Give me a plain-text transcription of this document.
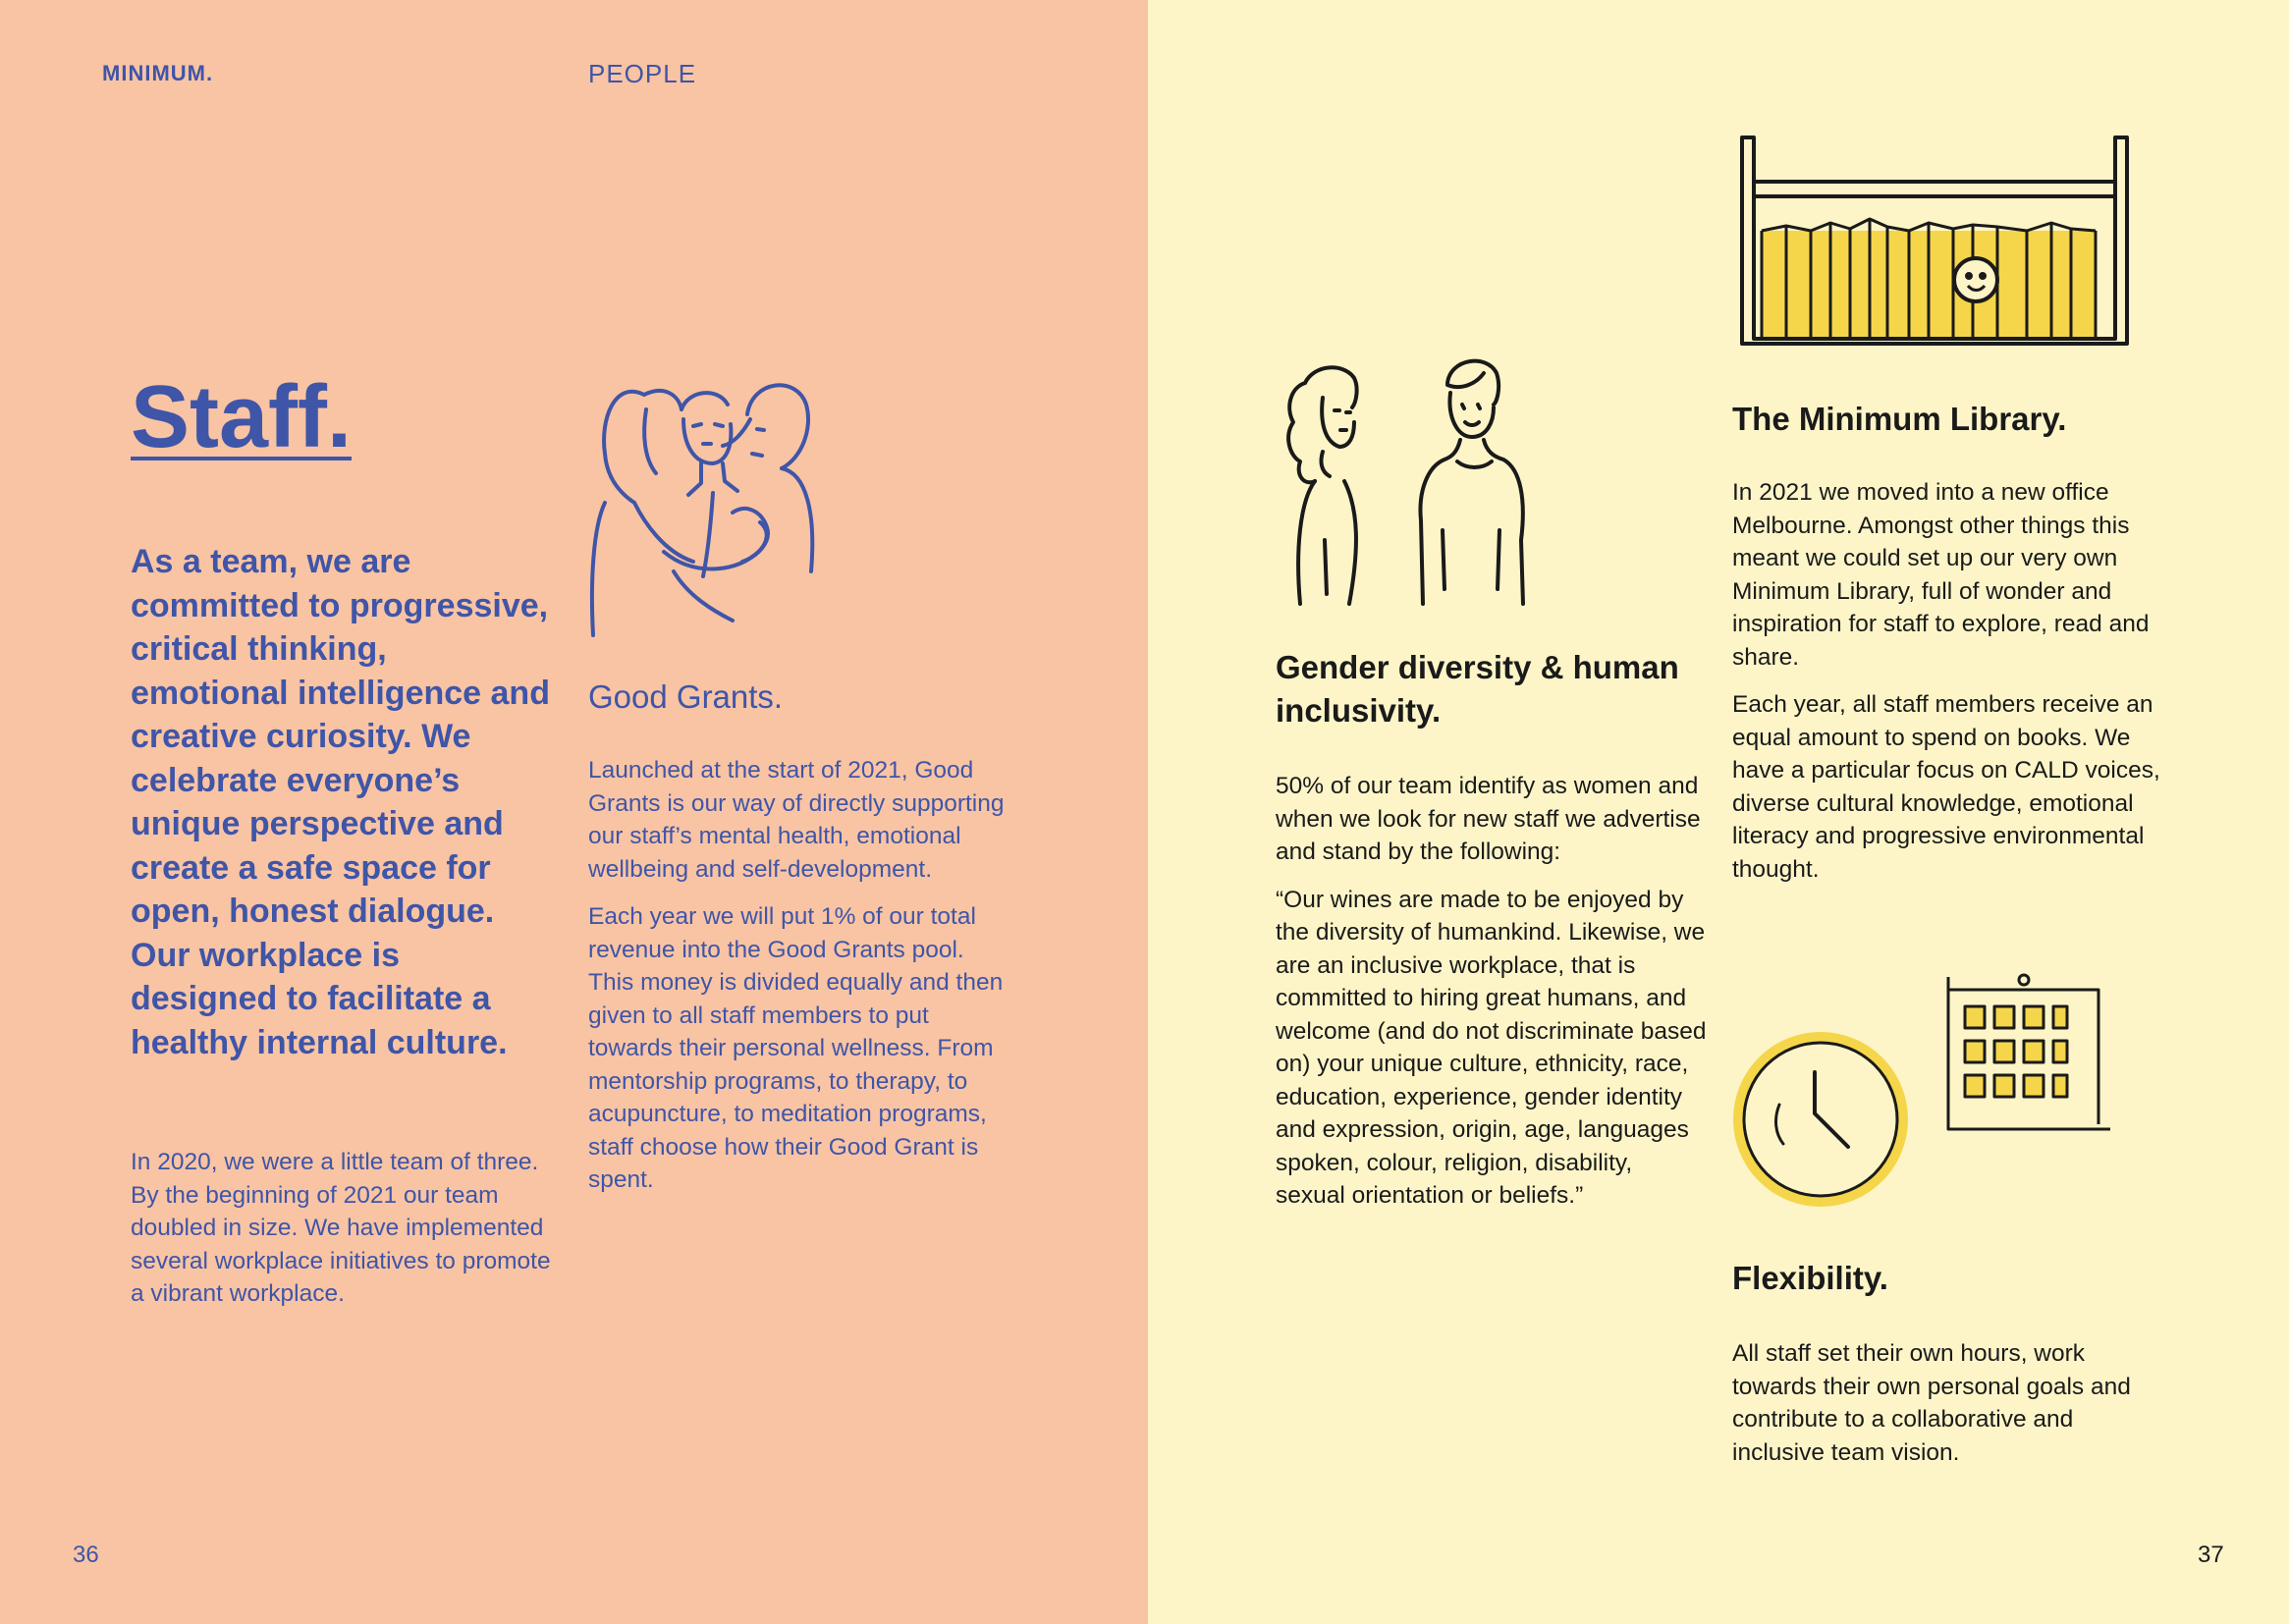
MINIMUM.	PEOPLE
Staff.

As a team, we are committed to progressive, critical thinking, emotional intelligence and creative curiosity. We celebrate everyone’s unique perspective and create a safe space for open, honest dialogue. Our workplace is designed to facilitate a healthy internal culture.

In 2020, we were a little team of three. By the beginning of 2021 our team doubled in size. We have implemented several workplace initiatives to promote a vibrant workplace.

Good Grants.

Launched at the start of 2021, Good Grants is our way of directly supporting our staff’s mental health, emotional wellbeing and self-development.

Each year we will put 1% of our total revenue into the Good Grants pool. This money is divided equally and then given to all staff members to put towards their personal wellness. From mentorship programs, to therapy, to acupuncture, to meditation programs, staff choose how their Good Grant is spent.

36
Gender diversity & human inclusivity.

50% of our team identify as women and when we look for new staff we advertise and stand by the following:

“Our wines are made to be enjoyed by the diversity of humankind. Likewise, we are an inclusive workplace, that is committed to hiring great humans, and welcome (and do not discriminate based on) your unique culture, ethnicity, race, education, experience, gender identity and expression, origin, age, languages spoken, colour, religion, disability, sexual orientation or beliefs.”

The Minimum Library.

In 2021 we moved into a new office Melbourne. Amongst other things this meant we could set up our very own Minimum Library, full of wonder and inspiration for staff to explore, read and share.

Each year, all staff members receive an equal amount to spend on books. We have a particular focus on CALD voices, diverse cultural knowledge, emotional literacy and progressive environmental thought.

Flexibility.

All staff set their own hours, work towards their own personal goals and contribute to a collaborative and inclusive team vision.

37
